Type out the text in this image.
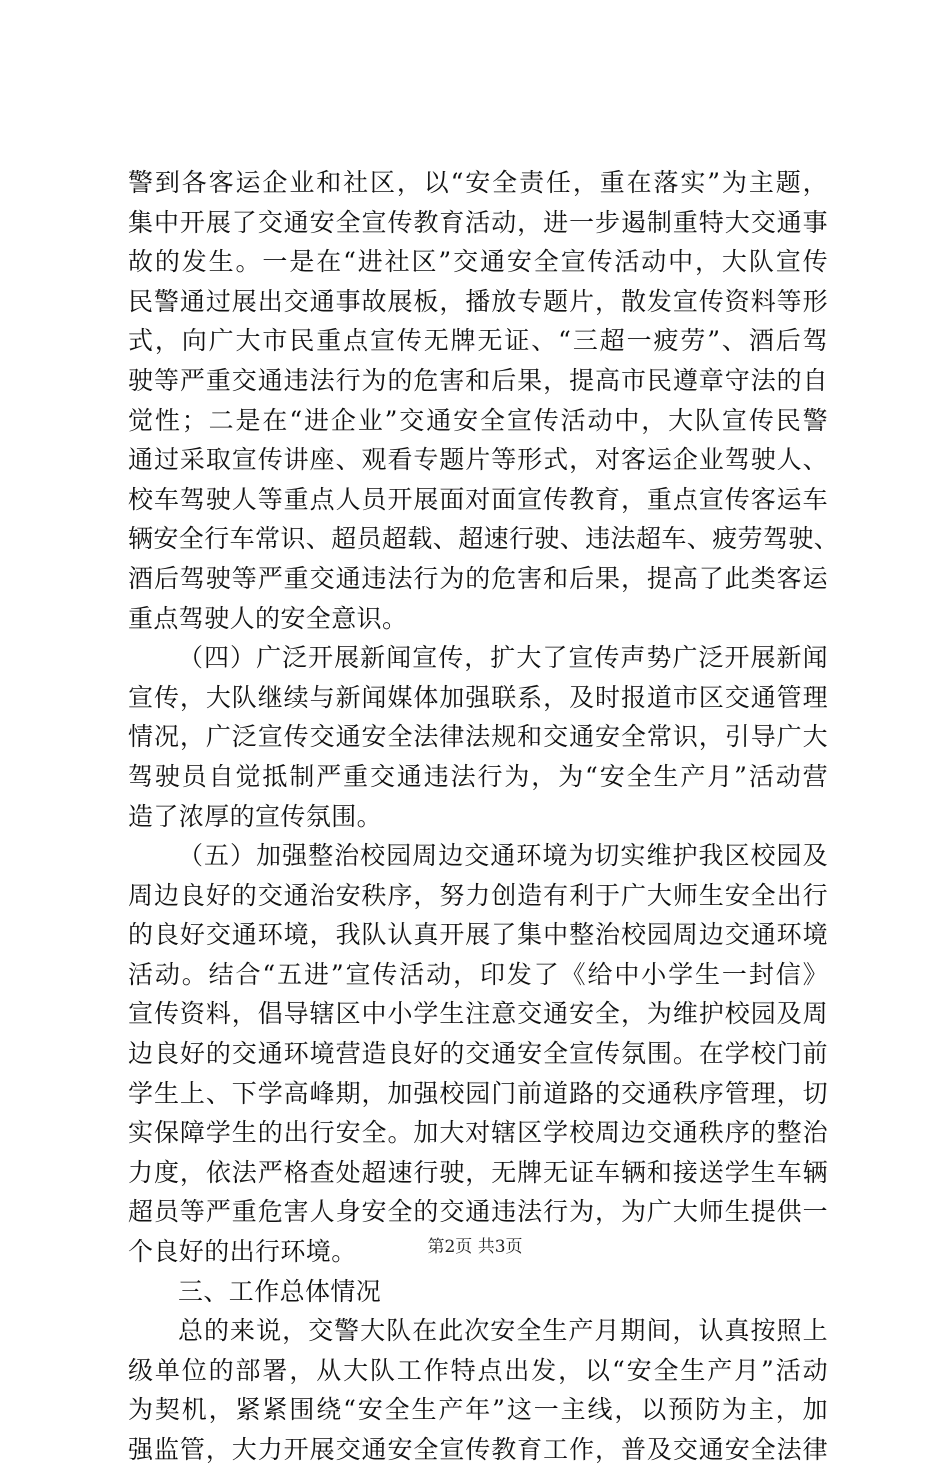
警到各客运企业和社区，以“安全责任，重在落实”为主题，
集中开展了交通安全宣传教育活动，进一步遏制重特大交通事
故的发生。一是在“进社区”交通安全宣传活动中，大队宣传
民警通过展出交通事故展板，播放专题片，散发宣传资料等形
式，向广大市民重点宣传无牌无证、“三超一疲劳”、酒后驾
驶等严重交通违法行为的危害和后果，提高市民遵章守法的自
觉性；二是在“进企业”交通安全宣传活动中，大队宣传民警
通过采取宣传讲座、观看专题片等形式，对客运企业驾驶人、
校车驾驶人等重点人员开展面对面宣传教育，重点宣传客运车
辆安全行车常识、超员超载、超速行驶、违法超车、疲劳驾驶、
酒后驾驶等严重交通违法行为的危害和后果，提高了此类客运
重点驾驶人的安全意识。
（四）广泛开展新闻宣传，扩大了宣传声势广泛开展新闻
宣传，大队继续与新闻媒体加强联系，及时报道市区交通管理
情况，广泛宣传交通安全法律法规和交通安全常识，引导广大
驾驶员自觉抵制严重交通违法行为，为“安全生产月”活动营
造了浓厚的宣传氛围。
（五）加强整治校园周边交通环境为切实维护我区校园及
周边良好的交通治安秩序，努力创造有利于广大师生安全出行
的良好交通环境，我队认真开展了集中整治校园周边交通环境
活动。结合“五进”宣传活动，印发了《给中小学生一封信》
宣传资料，倡导辖区中小学生注意交通安全，为维护校园及周
边良好的交通环境营造良好的交通安全宣传氛围。在学校门前
学生上、下学高峰期，加强校园门前道路的交通秩序管理，切
实保障学生的出行安全。加大对辖区学校周边交通秩序的整治
力度，依法严格查处超速行驶，无牌无证车辆和接送学生车辆
超员等严重危害人身安全的交通违法行为，为广大师生提供一
个良好的出行环境。
三、工作总体情况
总的来说，交警大队在此次安全生产月期间，认真按照上
级单位的部署，从大队工作特点出发，以“安全生产月”活动
为契机，紧紧围绕“安全生产年”这一主线，以预防为主，加
强监管，大力开展交通安全宣传教育工作，普及交通安全法律
第2页 共3页
